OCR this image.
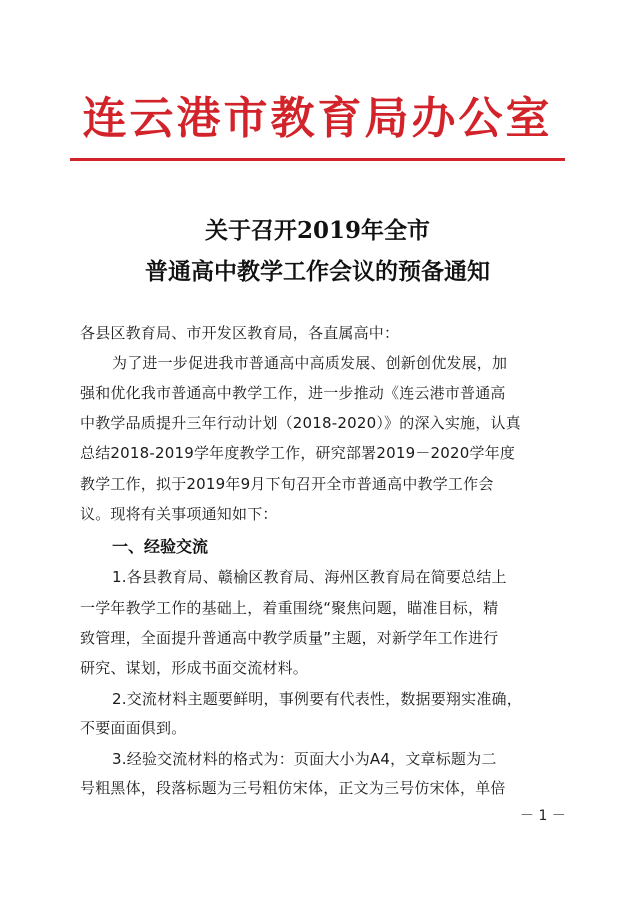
连云港市教育局办公室
关于召开2019年全市
普通高中教学工作会议的预备通知
各县区教育局、市开发区教育局，各直属高中：
为了进一步促进我市普通高中高质发展、创新创优发展，加
强和优化我市普通高中教学工作，进一步推动《连云港市普通高
中教学品质提升三年行动计划（2018-2020）》的深入实施，认真
总结2018-2019学年度教学工作，研究部署2019－2020学年度
教学工作，拟于2019年9月下旬召开全市普通高中教学工作会
议。现将有关事项通知如下：
一、经验交流
1.各县教育局、赣榆区教育局、海州区教育局在简要总结上
一学年教学工作的基础上，着重围绕“聚焦问题，瞄准目标，精
致管理，全面提升普通高中教学质量”主题，对新学年工作进行
研究、谋划，形成书面交流材料。
2.交流材料主题要鲜明，事例要有代表性，数据要翔实准确，
不要面面俱到。
3.经验交流材料的格式为：页面大小为A4，文章标题为二
号粗黑体，段落标题为三号粗仿宋体，正文为三号仿宋体，单倍
－ 1 －
